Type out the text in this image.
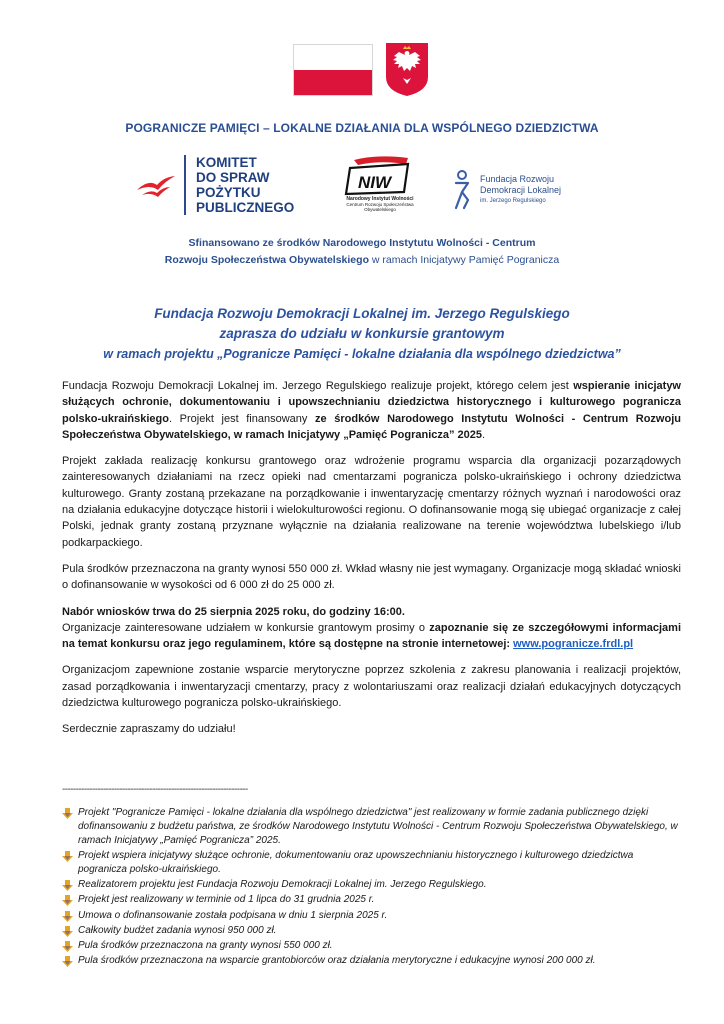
POGRANICZE PAMIĘCI – LOKALNE DZIAŁANIA DLA WSPÓLNEGO DZIEDZICTWA
KOMITET
DO SPRAW
POŻYTKU
PUBLICZNEGO
NIW
Narodowy Instytut Wolności
Centrum Rozwoju Społeczeństwa Obywatelskiego
Fundacja Rozwoju
Demokracji Lokalnej
im. Jerzego Regulskiego
Sfinansowano ze środków Narodowego Instytutu Wolności - Centrum
Rozwoju Społeczeństwa Obywatelskiego w ramach Inicjatywy Pamięć Pogranicza
Fundacja Rozwoju Demokracji Lokalnej im. Jerzego Regulskiego
zaprasza do udziału w konkursie grantowym
w ramach projektu „Pogranicze Pamięci - lokalne działania dla wspólnego dziedzictwa”

Fundacja Rozwoju Demokracji Lokalnej im. Jerzego Regulskiego realizuje projekt, którego celem jest wspieranie inicjatyw służących ochronie, dokumentowaniu i upowszechnianiu dziedzictwa historycznego i kulturowego pogranicza polsko-ukraińskiego. Projekt jest finansowany ze środków Narodowego Instytutu Wolności - Centrum Rozwoju Społeczeństwa Obywatelskiego, w ramach Inicjatywy „Pamięć Pogranicza” 2025.

Projekt zakłada realizację konkursu grantowego oraz wdrożenie programu wsparcia dla organizacji pozarządowych zainteresowanych działaniami na rzecz opieki nad cmentarzami pogranicza polsko-ukraińskiego i ochrony dziedzictwa kulturowego. Granty zostaną przekazane na porządkowanie i inwentaryzację cmentarzy różnych wyznań i narodowości oraz na działania edukacyjne dotyczące historii i wielokulturowości regionu. O dofinansowanie mogą się ubiegać organizacje z całej Polski, jednak granty zostaną przyznane wyłącznie na działania realizowane na terenie województwa lubelskiego i/lub podkarpackiego.

Pula środków przeznaczona na granty wynosi 550 000 zł. Wkład własny nie jest wymagany. Organizacje mogą składać wnioski o dofinansowanie w wysokości od 6 000 zł do 25 000 zł.

Nabór wniosków trwa do 25 sierpnia 2025 roku, do godziny 16:00.
Organizacje zainteresowane udziałem w konkursie grantowym prosimy o zapoznanie się ze szczegółowymi informacjami na temat konkursu oraz jego regulaminem, które są dostępne na stronie internetowej: www.pogranicze.frdl.pl

Organizacjom zapewnione zostanie wsparcie merytoryczne poprzez szkolenia z zakresu planowania i realizacji projektów, zasad porządkowania i inwentaryzacji cmentarzy, pracy z wolontariuszami oraz realizacji działań edukacyjnych dotyczących dziedzictwa kulturowego pogranicza polsko-ukraińskiego.

Serdecznie zapraszamy do udziału!

--------------------------------------------------------------------
Projekt "Pogranicze Pamięci - lokalne działania dla wspólnego dziedzictwa" jest realizowany w formie zadania publicznego dzięki dofinansowaniu z budżetu państwa, ze środków Narodowego Instytutu Wolności - Centrum Rozwoju Społeczeństwa Obywatelskiego, w ramach Inicjatywy „Pamięć Pogranicza” 2025.
Projekt wspiera inicjatywy służące ochronie, dokumentowaniu oraz upowszechnianiu historycznego i kulturowego dziedzictwa pogranicza polsko-ukraińskiego.
Realizatorem projektu jest Fundacja Rozwoju Demokracji Lokalnej im. Jerzego Regulskiego.
Projekt jest realizowany w terminie od 1 lipca do 31 grudnia 2025 r.
Umowa o dofinansowanie została podpisana w dniu 1 sierpnia 2025 r.
Całkowity budżet zadania wynosi 950 000 zł.
Pula środków przeznaczona na granty wynosi 550 000 zł.
Pula środków przeznaczona na wsparcie grantobiorców oraz działania merytoryczne i edukacyjne wynosi 200 000 zł.
